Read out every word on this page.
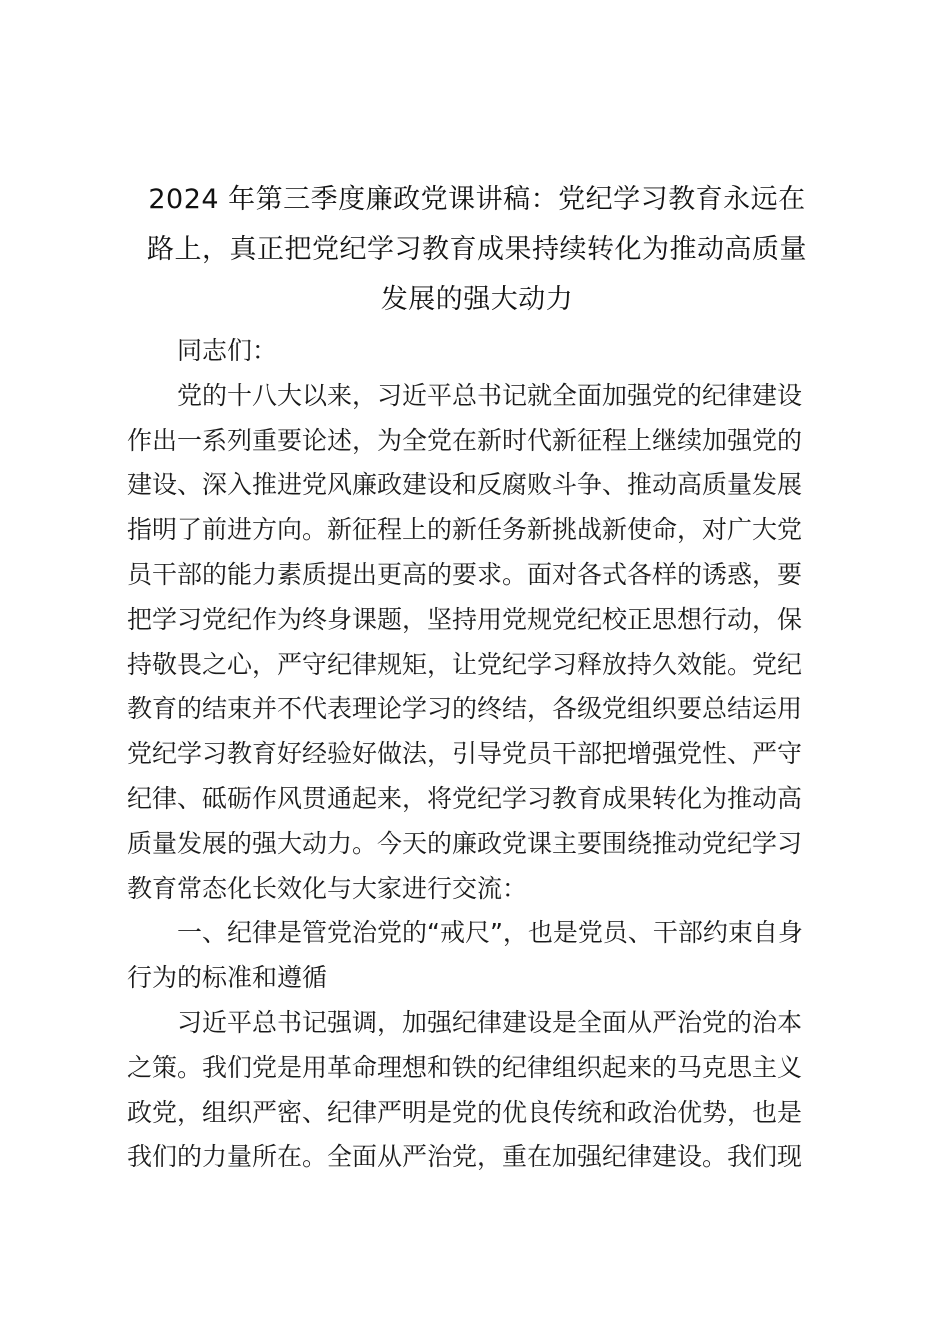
2024 年第三季度廉政党课讲稿：党纪学习教育永远在
路上，真正把党纪学习教育成果持续转化为推动高质量
发展的强大动力
同志们：
党的十八大以来，习近平总书记就全面加强党的纪律建设
作出一系列重要论述，为全党在新时代新征程上继续加强党的
建设、深入推进党风廉政建设和反腐败斗争、推动高质量发展
指明了前进方向。新征程上的新任务新挑战新使命，对广大党
员干部的能力素质提出更高的要求。面对各式各样的诱惑，要
把学习党纪作为终身课题，坚持用党规党纪校正思想行动，保
持敬畏之心，严守纪律规矩，让党纪学习释放持久效能。党纪
教育的结束并不代表理论学习的终结，各级党组织要总结运用
党纪学习教育好经验好做法，引导党员干部把增强党性、严守
纪律、砥砺作风贯通起来，将党纪学习教育成果转化为推动高
质量发展的强大动力。今天的廉政党课主要围绕推动党纪学习
教育常态化长效化与大家进行交流：
一、纪律是管党治党的“戒尺”，也是党员、干部约束自身
行为的标准和遵循
习近平总书记强调，加强纪律建设是全面从严治党的治本
之策。我们党是用革命理想和铁的纪律组织起来的马克思主义
政党，组织严密、纪律严明是党的优良传统和政治优势，也是
我们的力量所在。全面从严治党，重在加强纪律建设。我们现
